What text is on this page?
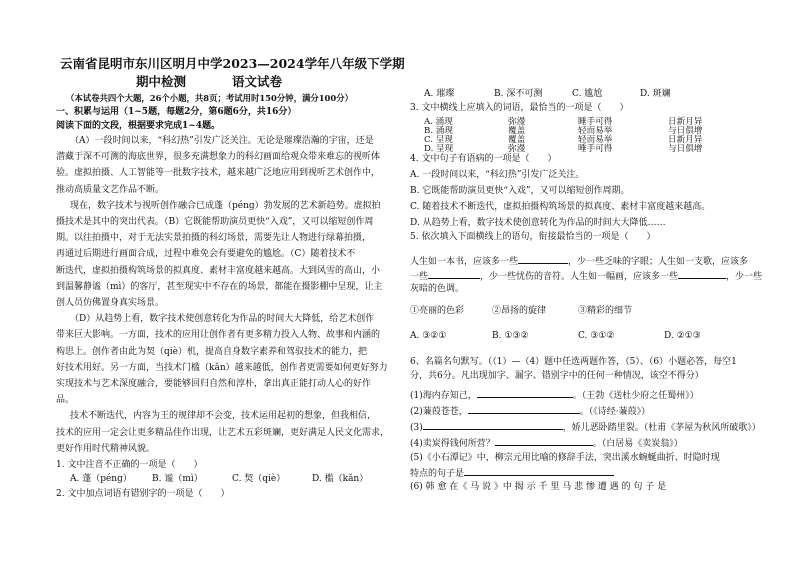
云南省昆明市东川区明月中学2023—2024学年八年级下学期
期中检测	语文试卷
（本试卷共四个大题，26个小题，共8页；考试用时150分钟，满分100分）
一、积累与运用（1~5题，每题2分，第6题6分，共16分）
阅读下面的文段，根据要求完成1~4题。
（A）一段时间以来，“科幻热”引发广泛关注。无论是璀璨浩瀚的宇宙，还是
潜藏于深不可测的海底世界，很多充满想象力的科幻画面给观众带来难忘的视听体
验。虚拟拍摄、人工智能等一批数字技术，越来越广泛地应用到视听艺术创作中，
推动高质量文艺作品不断。
现在，数字技术与视听创作融合已成蓬（péng）勃发展的艺术新趋势。虚拟拍
摄技术是其中的突出代表。（B）它既能帮助演员更快“入戏”，又可以缩短创作周
期。以往拍摄中，对于无法实景拍摄的科幻场景，需要先让人物进行绿幕拍摄，
再通过后期进行画面合成，过程中难免会有要避免的尴尬。（C）随着技术不
断迭代，虚拟拍摄构筑场景的拟真度、素材丰富度越来越高。大到风雪的高山，小
到温馨静谧（mì）的客厅，甚至现实中不存在的场景，都能在摄影棚中呈现，让主
创人员仿佛置身真实场景。
（D）从趋势上看，数字技术使创意转化为作品的时间大大降低，给艺术创作
带来巨大影响。一方面，技术的应用让创作者有更多精力投入人物、故事和内涵的
构思上。创作者由此为契（qiè）机，提高自身数字素养和驾驭技术的能力，把
好技术用好。另一方面，当技术门槛（kǎn）越来越低，创作者更需要如何更好努力
实现技术与艺术深度融合，要能够回归自然和淳朴，拿出真正能打动人心的好作
品。
技术不断迭代，内容为王的规律却不会变，技术运用起初的想象，但我相信，
技术的应用一定会让更多精品佳作出现，让艺术五彩斑斓，更好满足人民文化需求，
更好作用时代精神风貌。
1. 文中注音不正确的一项是（　　）
A. 蓬（péng） B. 谧（mì）	C. 契（qiè）	D. 槛（kǎn）
2. 文中加点词语有错别字的一项是（　　）
A. 璀璨	B. 深不可测	C. 尴尬	D. 斑斓
3. 文中横线上应填入的词语，最恰当的一项是（　　）
A. 涌现	弥漫	睡手可得	日新月异
B. 涌现	覆盖	轻而易举	与日俱增
C. 呈现	覆盖	轻而易举	日新月异
D. 呈现	弥漫	唾手可得	与日俱增
4. 文中句子有语病的一项是（　　）
A. 一段时间以来，“科幻热”引发广泛关注。
B. 它既能帮助演员更快“入戏”，又可以缩短创作周期。
C. 随着技术不断迭代，虚拟拍摄构筑场景的拟真度、素材丰富度越来越高。
D. 从趋势上看，数字技术使创意转化为作品的时间大大降低……
5. 依次填入下面横线上的语句，衔接最恰当的一项是（　　）
人生如一本书，应该多一些	，少一些乏味的字眼；人生如一支歌，应该多
一些	，少一些忧伤的音符。人生如一幅画，应该多一些	，少一些
灰暗的色调。
①亮丽的色彩	②昂扬的旋律	③精彩的细节
A. ③②①	B. ①③②	C. ③①②	D. ②①③
6、名篇名句默写。（（1）—（4）题中任选两题作答，（5）、（6）小题必答，每空1
分，共6分。凡出现加字、漏字、错别字中的任何一种情况，该空不得分）
(1)海内存知己，	。（王勃《送杜少府之任蜀州》）
(2)蒹葭苍苍，	。（《诗经·蒹葭》）
(3)	，娇儿恶卧踏里裂。（杜甫《茅屋为秋风所破歌》）
(4)卖炭得钱何所营？	。（白居易《卖炭翁》）
(5)《小石潭记》中，柳宗元用比喻的修辞手法，突出溪水蜿蜒曲折、时隐时现
特点的句子是
(6) 韩 愈 在《 马 说 》中 揭 示 千 里 马 悲 惨 遭 遇 的 句 子 是
